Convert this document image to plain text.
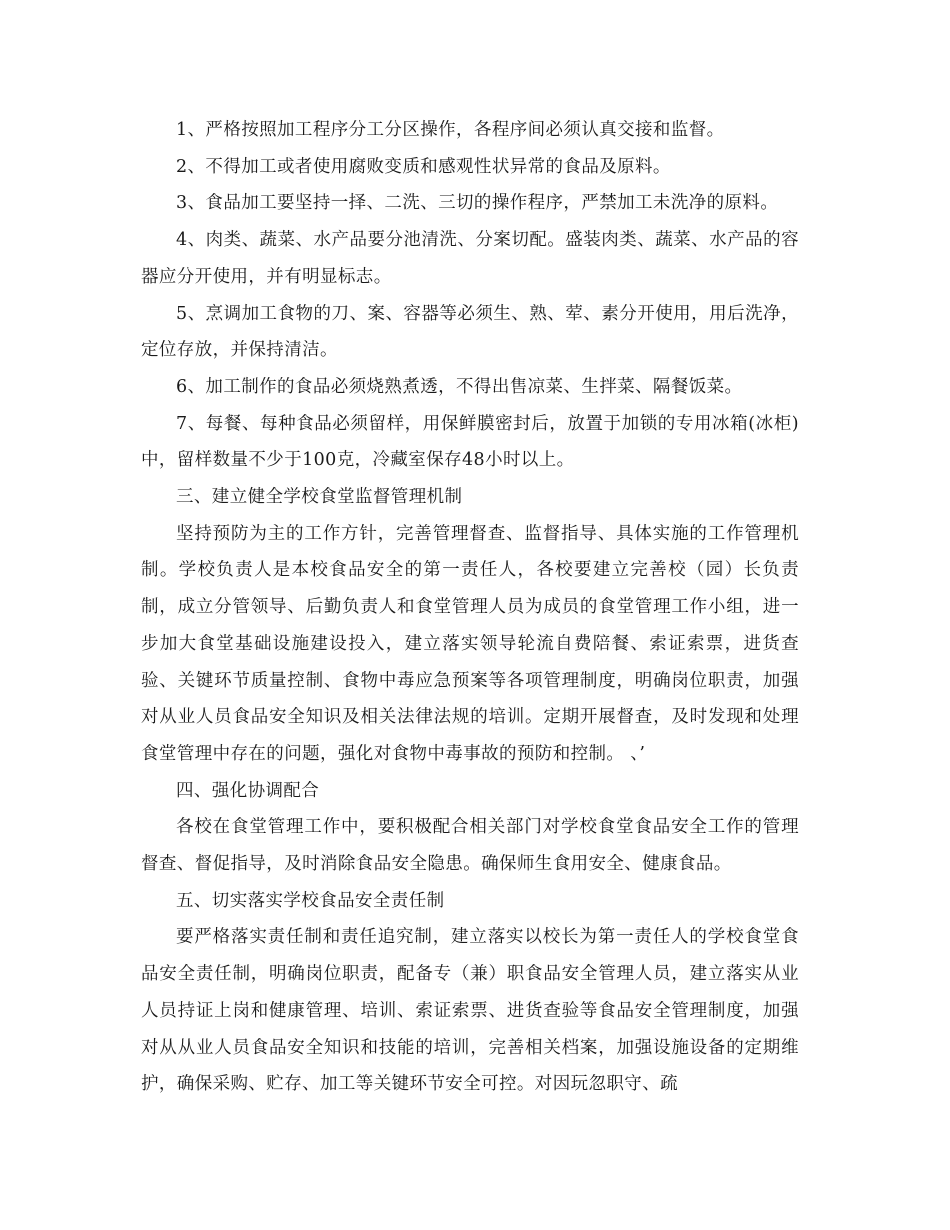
1、严格按照加工程序分工分区操作，各程序间必须认真交接和监督。

2、不得加工或者使用腐败变质和感观性状异常的食品及原料。

3、食品加工要坚持一择、二洗、三切的操作程序，严禁加工未洗净的原料。

4、肉类、蔬菜、水产品要分池清洗、分案切配。盛装肉类、蔬菜、水产品的容器应分开使用，并有明显标志。

5、烹调加工食物的刀、案、容器等必须生、熟、荤、素分开使用，用后洗净，定位存放，并保持清洁。

6、加工制作的食品必须烧熟煮透，不得出售凉菜、生拌菜、隔餐饭菜。

7、每餐、每种食品必须留样，用保鲜膜密封后，放置于加锁的专用冰箱(冰柜)中，留样数量不少于100克，冷藏室保存48小时以上。

三、建立健全学校食堂监督管理机制

坚持预防为主的工作方针，完善管理督查、监督指导、具体实施的工作管理机制。学校负责人是本校食品安全的第一责任人，各校要建立完善校（园）长负责制，成立分管领导、后勤负责人和食堂管理人员为成员的食堂管理工作小组，进一步加大食堂基础设施建设投入，建立落实领导轮流自费陪餐、索证索票，进货查验、关键环节质量控制、食物中毒应急预案等各项管理制度，明确岗位职责，加强对从业人员食品安全知识及相关法律法规的培训。定期开展督查，及时发现和处理食堂管理中存在的问题，强化对食物中毒事故的预防和控制。 、’

四、强化协调配合

各校在食堂管理工作中，要积极配合相关部门对学校食堂食品安全工作的管理督查、督促指导，及时消除食品安全隐患。确保师生食用安全、健康食品。

五、切实落实学校食品安全责任制

要严格落实责任制和责任追究制，建立落实以校长为第一责任人的学校食堂食品安全责任制，明确岗位职责，配备专（兼）职食品安全管理人员，建立落实从业人员持证上岗和健康管理、培训、索证索票、进货查验等食品安全管理制度，加强对从从业人员食品安全知识和技能的培训，完善相关档案，加强设施设备的定期维护，确保采购、贮存、加工等关键环节安全可控。对因玩忽职守、疏
